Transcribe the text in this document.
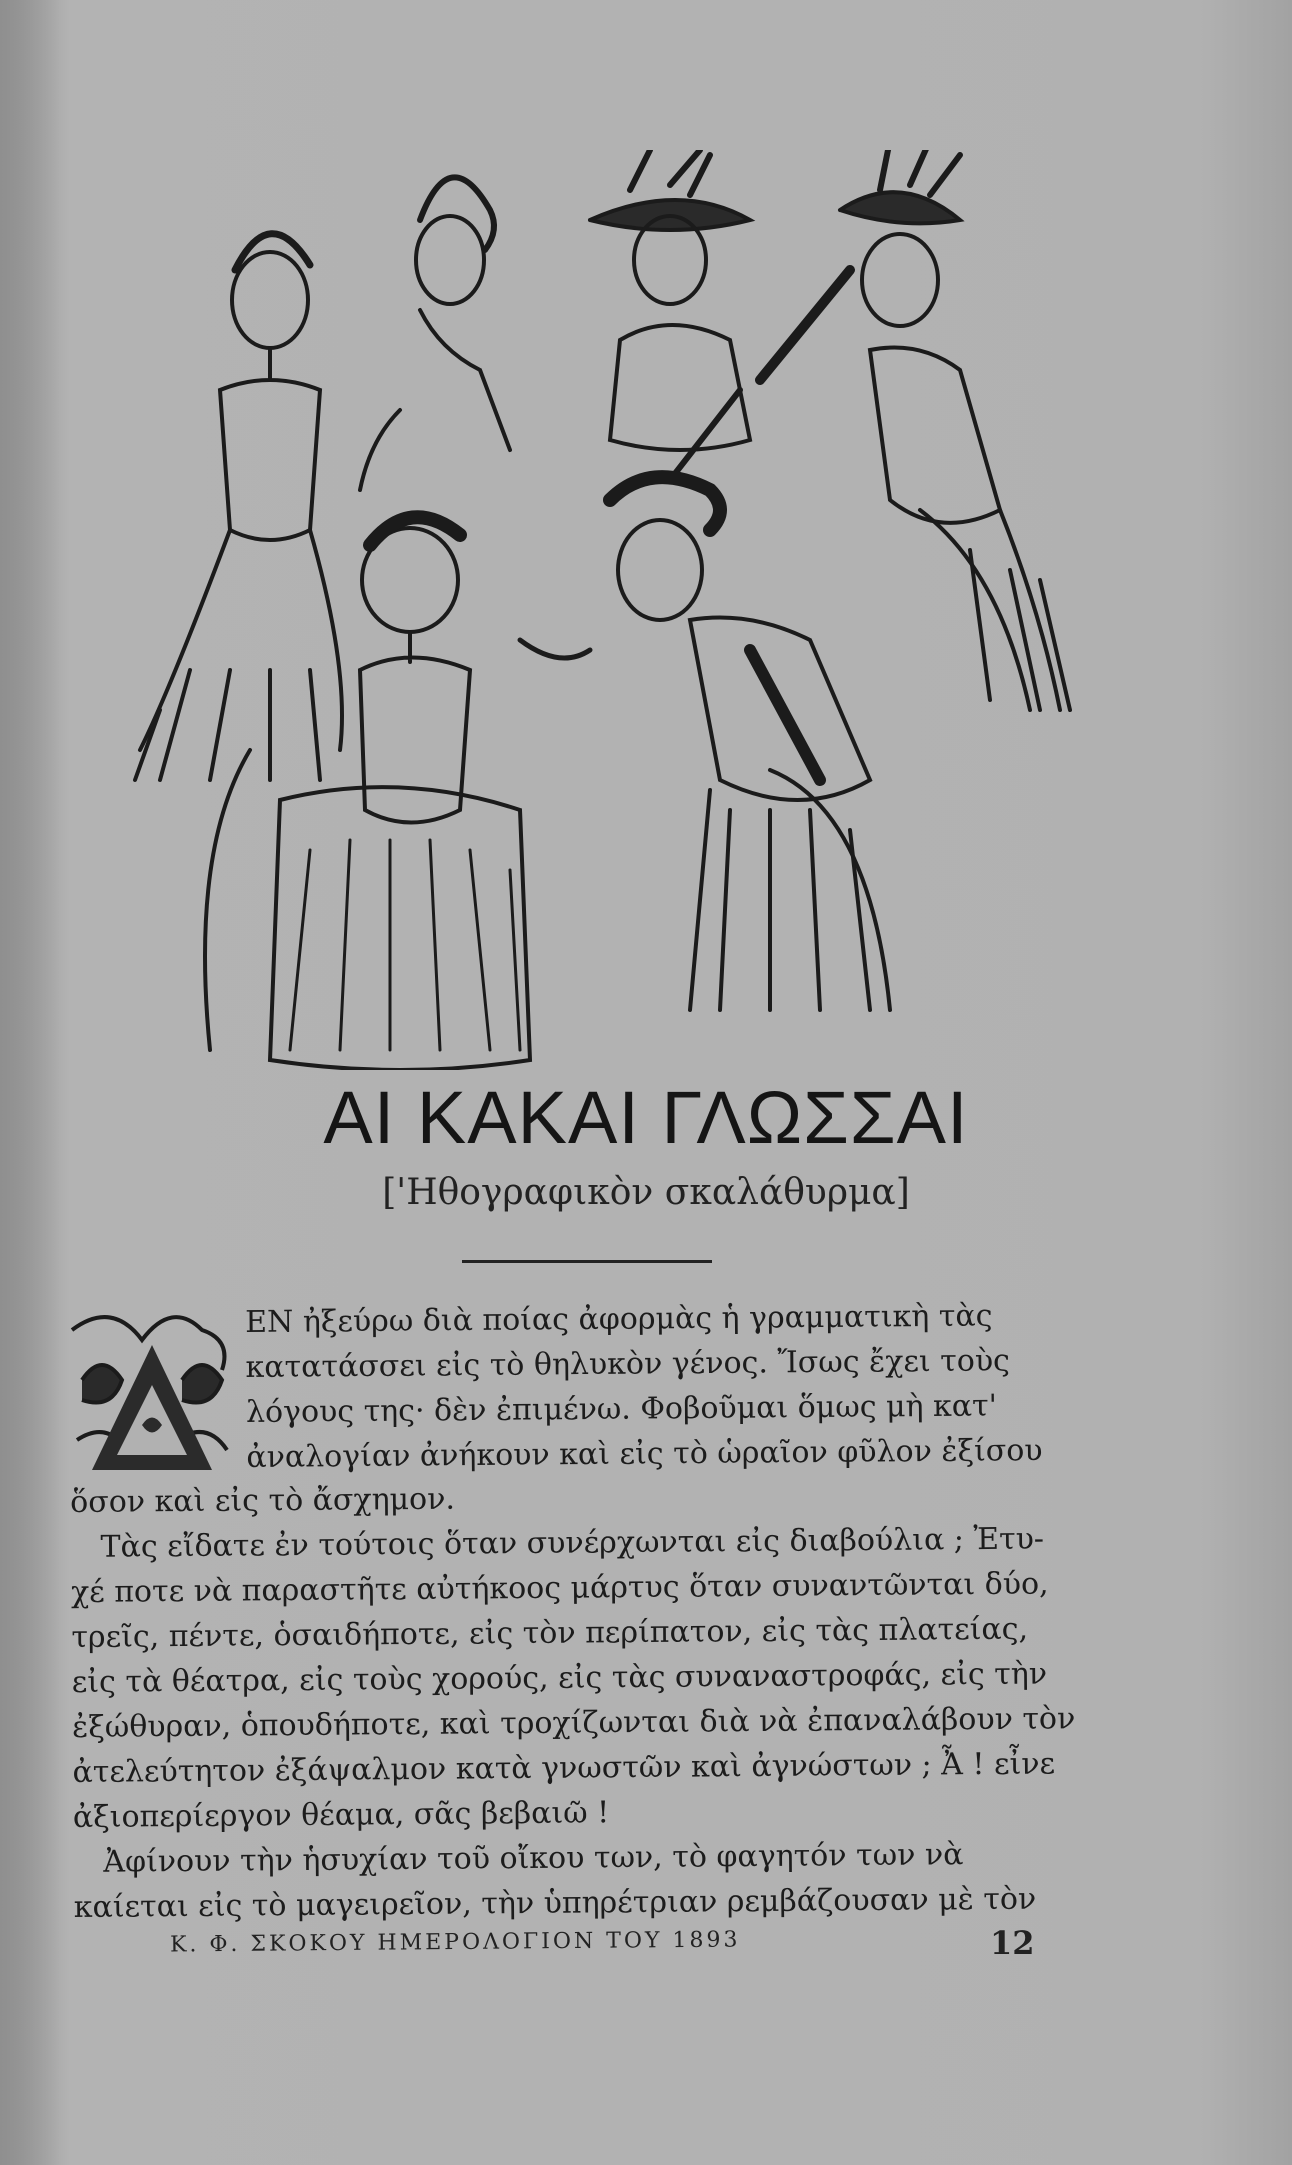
ΑΙ ΚΑΚΑΙ ΓΛΩΣΣΑΙ
['Ηθογραφικὸν σκαλάθυρμα]
ΕΝ ἠξεύρω διὰ ποίας ἀφορμὰς ἡ γραμματικὴ τὰς
κατατάσσει εἰς τὸ θηλυκὸν γένος. Ἴσως ἔχει τοὺς
λόγους της· δὲν ἐπιμένω. Φοβοῦμαι ὅμως μὴ κατ'
ἀναλογίαν ἀνήκουν καὶ εἰς τὸ ὡραῖον φῦλον ἐξίσου
ὅσον καὶ εἰς τὸ ἄσχημον.
Τὰς εἴδατε ἐν τούτοις ὅταν συνέρχωνται εἰς διαβούλια ; Ἐτυ-
χέ ποτε νὰ παραστῆτε αὐτήκοος μάρτυς ὅταν συναντῶνται δύο,
τρεῖς, πέντε, ὁσαιδήποτε, εἰς τὸν περίπατον, εἰς τὰς πλατείας,
εἰς τὰ θέατρα, εἰς τοὺς χορούς, εἰς τὰς συναναστροφάς, εἰς τὴν
ἐξώθυραν, ὁπουδήποτε, καὶ τροχίζωνται διὰ νὰ ἐπαναλάβουν τὸν
ἀτελεύτητον ἐξάψαλμον κατὰ γνωστῶν καὶ ἀγνώστων ; Ἆ ! εἶνε
ἀξιοπερίεργον θέαμα, σᾶς βεβαιῶ !
Ἀφίνουν τὴν ἡσυχίαν τοῦ οἴκου των, τὸ φαγητόν των νὰ
καίεται εἰς τὸ μαγειρεῖον, τὴν ὑπηρέτριαν ρεμβάζουσαν μὲ τὸν
Κ. Φ. ΣΚΟΚΟΥ ΗΜΕΡΟΛΟΓΙΟΝ ΤΟΥ 1893	12
